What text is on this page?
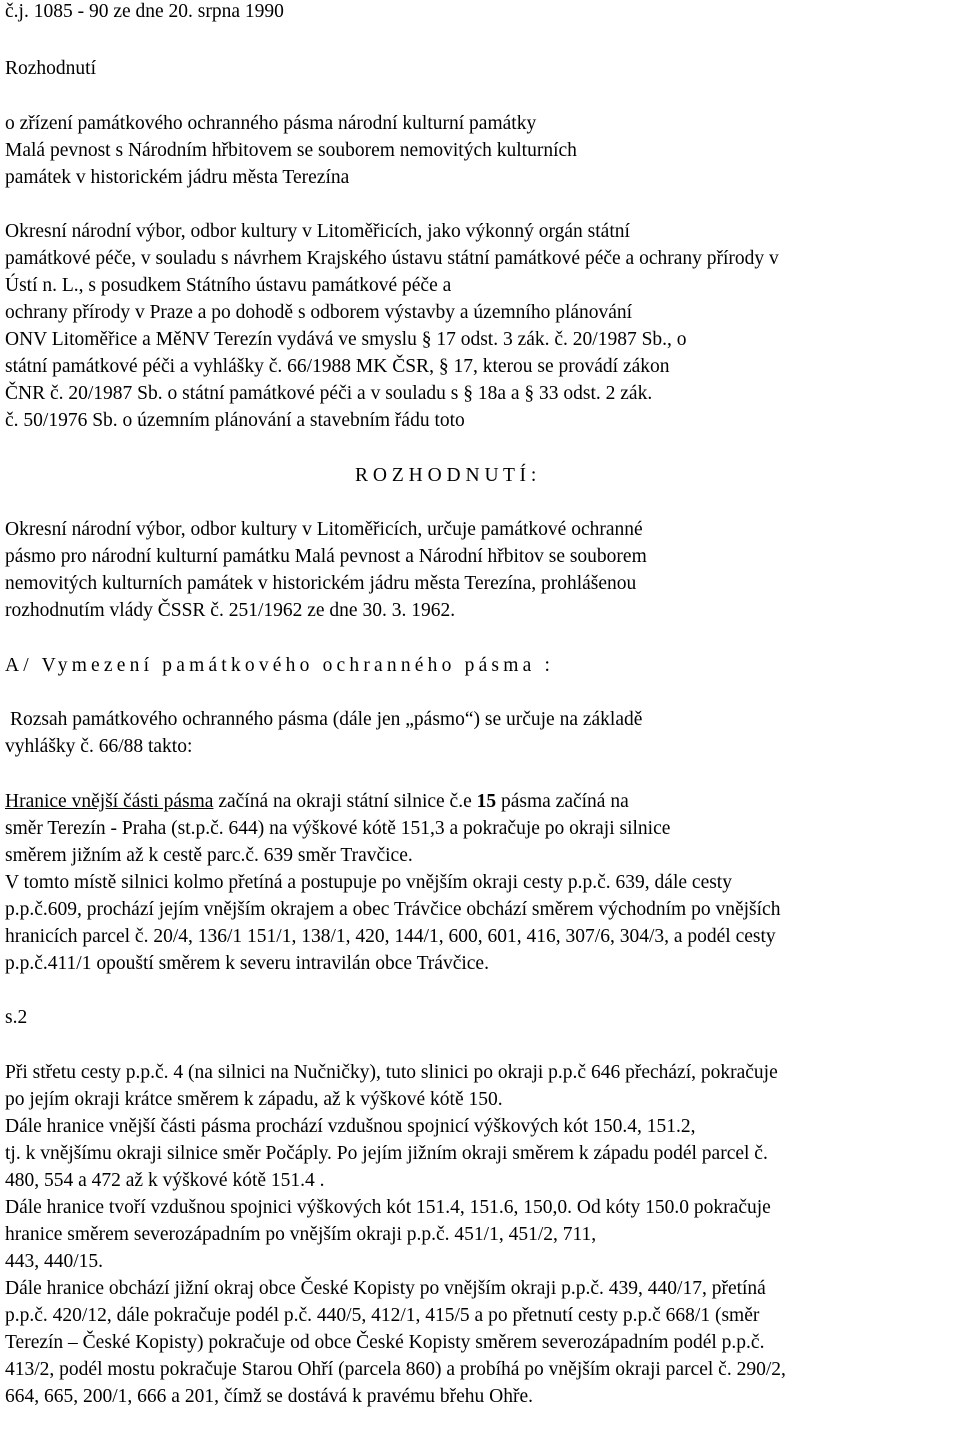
č.j. 1085 - 90 ze dne 20. srpna 1990

Rozhodnutí

o zřízení památkového ochranného pásma národní kulturní památky

Malá pevnost s Národním hřbitovem se souborem nemovitých kulturních

památek v historickém jádru města Terezína

Okresní národní výbor, odbor kultury v Litoměřicích, jako výkonný orgán státní

památkové péče, v souladu s návrhem Krajského ústavu státní památkové péče a ochrany přírody v

Ústí n. L., s posudkem Státního ústavu památkové péče a

ochrany přírody v Praze a po dohodě s odborem výstavby a územního plánování

ONV Litoměřice a MěNV Terezín vydává ve smyslu § 17 odst. 3 zák. č. 20/1987 Sb., o

státní památkové péči a vyhlášky č. 66/1988 MK ČSR, § 17, kterou se provádí zákon

ČNR č. 20/1987 Sb. o státní památkové péči a v souladu s § 18a a § 33 odst. 2 zák.

č. 50/1976 Sb. o územním plánování a stavebním řádu toto

R O Z H O D N U T Í :

Okresní národní výbor, odbor kultury v Litoměřicích, určuje památkové ochranné

pásmo pro národní kulturní památku Malá pevnost a Národní hřbitov se souborem

nemovitých kulturních památek v historickém jádru města Terezína, prohlášenou

rozhodnutím vlády ČSSR č. 251/1962 ze dne 30. 3. 1962.

A/ Vymezení památkového ochranného pásma :

Rozsah památkového ochranného pásma (dále jen „pásmo“) se určuje na základě

vyhlášky č. 66/88 takto:

Hranice vnější části pásma začíná na okraji státní silnice č.e 15 pásma začíná na

směr Terezín - Praha (st.p.č. 644) na výškové kótě 151,3 a pokračuje po okraji silnice

směrem jižním až k cestě parc.č. 639 směr Travčice.

V tomto místě silnici kolmo přetíná a postupuje po vnějším okraji cesty p.p.č. 639, dále cesty

p.p.č.609, prochází jejím vnějším okrajem a obec Trávčice obchází směrem východním po vnějších

hranicích parcel č. 20/4, 136/1 151/1, 138/1, 420, 144/1, 600, 601, 416, 307/6, 304/3, a podél cesty

p.p.č.411/1 opouští směrem k severu intravilán obce Trávčice.

s.2

Při střetu cesty p.p.č. 4 (na silnici na Nučničky), tuto slinici po okraji p.p.č 646 přechází, pokračuje

po jejím okraji krátce směrem k západu, až k výškové kótě 150.

Dále hranice vnější části pásma prochází vzdušnou spojnicí výškových kót 150.4, 151.2,

tj. k vnějšímu okraji silnice směr Počáply. Po jejím jižním okraji směrem k západu podél parcel č.

480, 554 a 472 až k výškové kótě 151.4 .

Dále hranice tvoří vzdušnou spojnici výškových kót 151.4, 151.6, 150,0. Od kóty 150.0 pokračuje

hranice směrem severozápadním po vnějším okraji p.p.č. 451/1, 451/2, 711,

443, 440/15.

Dále hranice obchází jižní okraj obce České Kopisty po vnějším okraji p.p.č. 439, 440/17, přetíná

p.p.č. 420/12, dále pokračuje podél p.č. 440/5, 412/1, 415/5 a po přetnutí cesty p.p.č 668/1 (směr

Terezín – České Kopisty) pokračuje od obce České Kopisty směrem severozápadním podél p.p.č.

413/2, podél mostu pokračuje Starou Ohří (parcela 860) a probíhá po vnějším okraji parcel č. 290/2,

664, 665, 200/1, 666 a 201, čímž se dostává k pravému břehu Ohře.
